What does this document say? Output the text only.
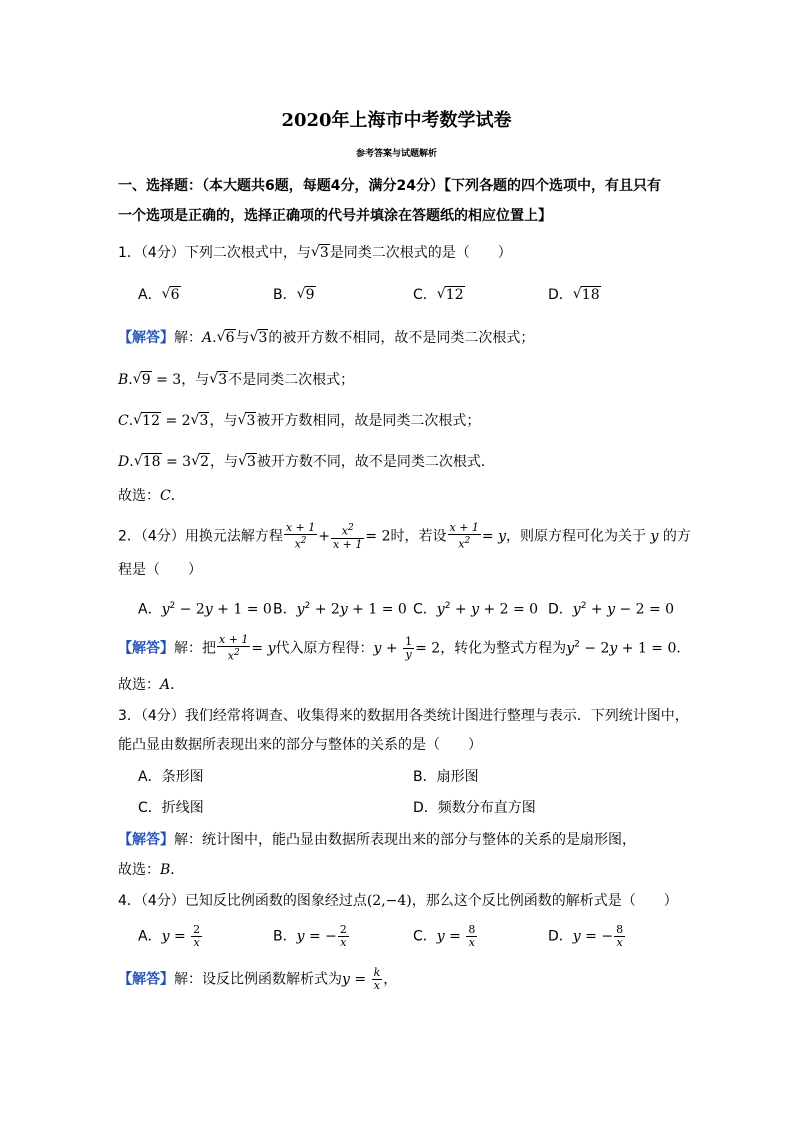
2020年上海市中考数学试卷
参考答案与试题解析
一、选择题：（本大题共6题，每题4分，满分24分）【下列各题的四个选项中，有且只有
一个选项是正确的，选择正确项的代号并填涂在答题纸的相应位置上】
1．（4分）下列二次根式中，与 √ 3是同类二次根式的是（　　）
A． √ 6	B． √ 9	C． √ 12	D． √ 18
【解答】解：A. √ 6与 √ 3的被开方数不相同，故不是同类二次根式；
B. √ 9 = 3，与 √ 3不是同类二次根式；
C. √ 12 = 2 √ 3，与 √ 3被开方数相同，故是同类二次根式；
D. √ 18 = 3 √ 2，与 √ 3被开方数不同，故不是同类二次根式．
故选：C．
2．（4分）用换元法解方程 $\frac{x + 1}{x^2} + \frac{x^2}{x + 1} = 2$时，若设 $\frac{x + 1}{x^2} = y$，则原方程可化为关于 y 的方
程是（　　）
A．$y^2 - 2y + 1 = 0$ B．$y^2 + 2y + 1 = 0$ C．$y^2 + y + 2 = 0$ D．$y^2 + y - 2 = 0$
【解答】解：把 $\frac{x + 1}{x^2} = y$代入原方程得：$y + \frac{1}{y} = 2$，转化为整式方程为$y^2 - 2y + 1 = 0$．
故选：A．
3．（4分）我们经常将调查、收集得来的数据用各类统计图进行整理与表示．下列统计图中，
能凸显由数据所表现出来的部分与整体的关系的是（　　）
A．条形图	B．扇形图
C．折线图	D．频数分布直方图
【解答】解：统计图中，能凸显由数据所表现出来的部分与整体的关系的是扇形图，
故选：B．
4．（4分）已知反比例函数的图象经过点(2,−4)，那么这个反比例函数的解析式是（　　）
A．$y = \frac{2}{x}$	B．y = − $\frac{2}{x}$	C．$y = \frac{8}{x}$	D．y = − $\frac{8}{x}$
【解答】解：设反比例函数解析式为$y = \frac{k}{x}$ ，
